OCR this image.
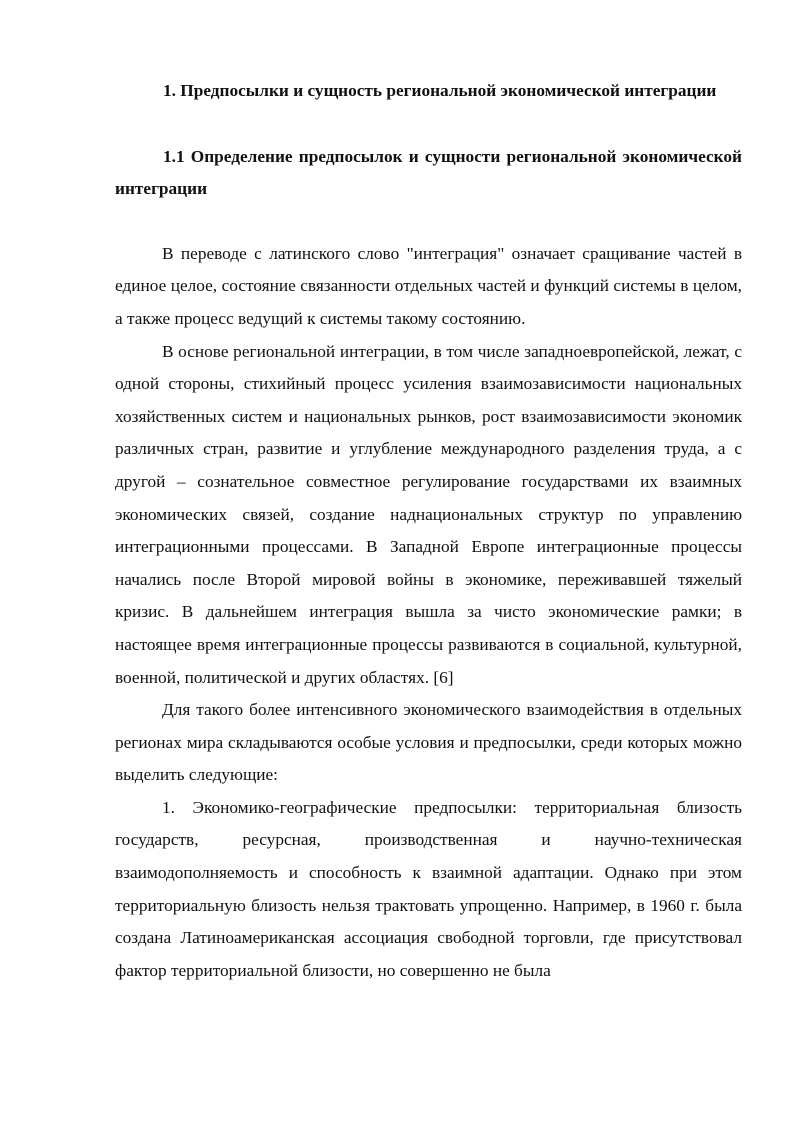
1. Предпосылки и сущность региональной экономической интеграции

1.1 Определение предпосылок и сущности региональной экономической интеграции

В переводе с латинского слово "интеграция" означает сращивание частей в единое целое, состояние связанности отдельных частей и функций системы в целом, а также процесс ведущий к системы такому состоянию.

В основе региональной интеграции, в том числе западноевропейской, лежат, с одной стороны, стихийный процесс усиления взаимозависимости национальных хозяйственных систем и национальных рынков, рост взаимозависимости экономик различных стран, развитие и углубление международного разделения труда, а с другой – сознательное совместное регулирование государствами их взаимных экономических связей, создание наднациональных структур по управлению интеграционными процессами. В Западной Европе интеграционные процессы начались после Второй мировой войны в экономике, переживавшей тяжелый кризис. В дальнейшем интеграция вышла за чисто экономические рамки; в настоящее время интеграционные процессы развиваются в социальной, культурной, военной, политической и других областях. [6]

Для такого более интенсивного экономического взаимодействия в отдельных регионах мира складываются особые условия и предпосылки, среди которых можно выделить следующие:

1. Экономико-географические предпосылки: территориальная близость государств, ресурсная, производственная и научно-техническая взаимодополняемость и способность к взаимной адаптации. Однако при этом территориальную близость нельзя трактовать упрощенно. Например, в 1960 г. была создана Латиноамериканская ассоциация свободной торговли, где присутствовал фактор территориальной близости, но совершенно не была
